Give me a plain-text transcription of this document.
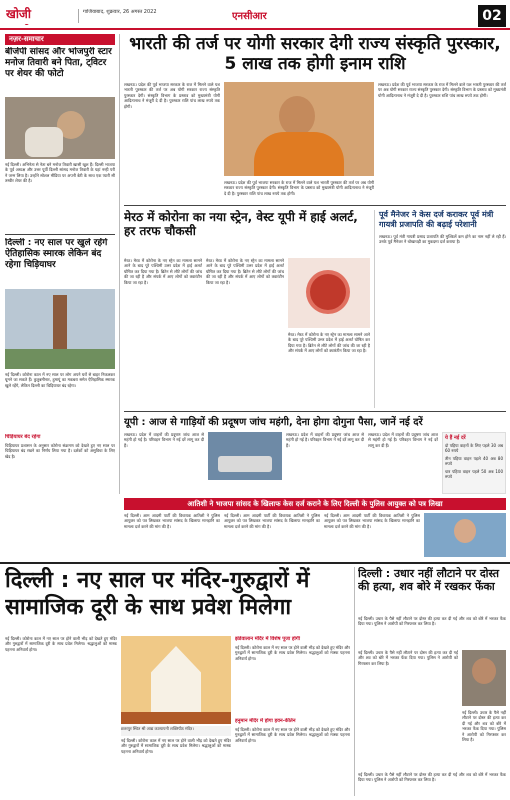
खोजी	गाजियाबाद, शुक्रवार, 26 अगस्त 2022	एनसीआर	02
नज़र-समाचार
बीजेपी सांसद और भोजपुरी स्टार मनोज तिवारी बने पिता, ट्विटर पर शेयर की फोटो
नई दिल्ली। अभिनेता से नेता बने मनोज तिवारी खासी खुश हैं। दिल्ली भाजपा के पूर्व अध्यक्ष और उत्तर पूर्वी दिल्ली सांसद मनोज तिवारी के यहां नन्ही परी ने जन्म लिया है। उन्होंने सोशल मीडिया पर अपनी बेटी के साथ एक प्यारी सी तस्वीर शेयर की है।
दिल्ली : नए साल पर खुले रहेंगे ऐतिहासिक स्मारक लेकिन बंद रहेगा चिड़ियाघर
नई दिल्ली। कोरोना काल में नए साल पर लोग अपने घरों से बाहर निकलकर घूमने जा सकते हैं। कुतुबमीनार, हुमायूं का मकबरा समेत ऐतिहासिक स्मारक खुले रहेंगे, लेकिन दिल्ली का चिड़ियाघर बंद रहेगा।
चिड़ियाघर बंद रहेगा
चिड़ियाघर प्रशासन के अनुसार कोरोना संक्रमण को देखते हुए नए साल पर चिड़ियाघर बंद रखने का निर्णय लिया गया है। दर्शकों को असुविधा के लिए खेद है।
भारती की तर्ज पर योगी सरकार देगी राज्य संस्कृति पुरस्कार, 5 लाख तक होगी इनाम राशि
लखनऊ। प्रदेश की पूर्व भाजपा सरकार के राज में मिलने वाले यश भारती पुरस्कार की तर्ज पर अब योगी सरकार राज्य संस्कृति पुरस्कार देगी। संस्कृति विभाग के प्रस्ताव को मुख्यमंत्री योगी आदित्यनाथ ने मंजूरी दे दी है। पुरस्कार राशि पांच लाख रुपये तक होगी।
लखनऊ। प्रदेश की पूर्व भाजपा सरकार के राज में मिलने वाले यश भारती पुरस्कार की तर्ज पर अब योगी सरकार राज्य संस्कृति पुरस्कार देगी। संस्कृति विभाग के प्रस्ताव को मुख्यमंत्री योगी आदित्यनाथ ने मंजूरी दे दी है। पुरस्कार राशि पांच लाख रुपये तक होगी।
लखनऊ। प्रदेश की पूर्व भाजपा सरकार के राज में मिलने वाले यश भारती पुरस्कार की तर्ज पर अब योगी सरकार राज्य संस्कृति पुरस्कार देगी। संस्कृति विभाग के प्रस्ताव को मुख्यमंत्री योगी आदित्यनाथ ने मंजूरी दे दी है। पुरस्कार राशि पांच लाख रुपये तक होगी।
मेरठ में कोरोना का नया स्ट्रेन, वेस्ट यूपी में हाई अलर्ट, हर तरफ चौकसी
मेरठ। मेरठ में कोरोना के नए स्ट्रेन का मामला सामने आने के बाद पूरे पश्चिमी उत्तर प्रदेश में हाई अलर्ट घोषित कर दिया गया है। ब्रिटेन से लौटे लोगों की जांच की जा रही है और संपर्क में आए लोगों को क्वारंटीन किया जा रहा है।
मेरठ। मेरठ में कोरोना के नए स्ट्रेन का मामला सामने आने के बाद पूरे पश्चिमी उत्तर प्रदेश में हाई अलर्ट घोषित कर दिया गया है। ब्रिटेन से लौटे लोगों की जांच की जा रही है और संपर्क में आए लोगों को क्वारंटीन किया जा रहा है।
मेरठ। मेरठ में कोरोना के नए स्ट्रेन का मामला सामने आने के बाद पूरे पश्चिमी उत्तर प्रदेश में हाई अलर्ट घोषित कर दिया गया है। ब्रिटेन से लौटे लोगों की जांच की जा रही है और संपर्क में आए लोगों को क्वारंटीन किया जा रहा है।
पूर्व मैनेजर ने केस दर्ज कराकर पूर्व मंत्री गायत्री प्रजापति की बढ़ाई परेशानी
लखनऊ। पूर्व मंत्री गायत्री प्रसाद प्रजापति की मुश्किलें कम होने का नाम नहीं ले रही हैं। उनके पूर्व मैनेजर ने धोखाधड़ी का मुकदमा दर्ज कराया है।
यूपी : आज से गाड़ियों की प्रदूषण जांच महंगी, देना होगा दोगुना पैसा, जानें नई दरें
लखनऊ। प्रदेश में वाहनों की प्रदूषण जांच आज से महंगी हो गई है। परिवहन विभाग ने नई दरें लागू कर दी हैं।
लखनऊ। प्रदेश में वाहनों की प्रदूषण जांच आज से महंगी हो गई है। परिवहन विभाग ने नई दरें लागू कर दी हैं।
लखनऊ। प्रदेश में वाहनों की प्रदूषण जांच आज से महंगी हो गई है। परिवहन विभाग ने नई दरें लागू कर दी हैं।
ये हैं नई दरें
दो पहिया वाहनों के लिए पहले 30 अब 60 रुपये
तीन पहिया वाहन पहले 40 अब 80 रुपये
चार पहिया वाहन पहले 50 अब 100 रुपये
आतिशी ने भाजपा सांसद के खिलाफ केस दर्ज कराने के लिए दिल्ली के पुलिस आयुक्त को पत्र लिखा
नई दिल्ली। आम आदमी पार्टी की विधायक आतिशी ने पुलिस आयुक्त को पत्र लिखकर भाजपा सांसद के खिलाफ मानहानि का मामला दर्ज करने की मांग की है।
नई दिल्ली। आम आदमी पार्टी की विधायक आतिशी ने पुलिस आयुक्त को पत्र लिखकर भाजपा सांसद के खिलाफ मानहानि का मामला दर्ज करने की मांग की है।
नई दिल्ली। आम आदमी पार्टी की विधायक आतिशी ने पुलिस आयुक्त को पत्र लिखकर भाजपा सांसद के खिलाफ मानहानि का मामला दर्ज करने की मांग की है।
दिल्ली : नए साल पर मंदिर-गुरुद्वारों में सामाजिक दूरी के साथ प्रवेश मिलेगा
नई दिल्ली। कोरोना काल में नए साल पर होने वाली भीड़ को देखते हुए मंदिर और गुरुद्वारों में सामाजिक दूरी के साथ प्रवेश मिलेगा। श्रद्धालुओं को मास्क पहनना अनिवार्य होगा।
छतरपुर स्थित श्री आद्य कात्यायनी शक्तिपीठ मंदिर।
नई दिल्ली। कोरोना काल में नए साल पर होने वाली भीड़ को देखते हुए मंदिर और गुरुद्वारों में सामाजिक दूरी के साथ प्रवेश मिलेगा। श्रद्धालुओं को मास्क पहनना अनिवार्य होगा।
झंडेवालान मंदिर में विशेष पूजा होगी
नई दिल्ली। कोरोना काल में नए साल पर होने वाली भीड़ को देखते हुए मंदिर और गुरुद्वारों में सामाजिक दूरी के साथ प्रवेश मिलेगा। श्रद्धालुओं को मास्क पहनना अनिवार्य होगा।
हनुमान मंदिर में होगा हवन-कीर्तन
नई दिल्ली। कोरोना काल में नए साल पर होने वाली भीड़ को देखते हुए मंदिर और गुरुद्वारों में सामाजिक दूरी के साथ प्रवेश मिलेगा। श्रद्धालुओं को मास्क पहनना अनिवार्य होगा।
दिल्ली : उधार नहीं लौटाने पर दोस्त की हत्या, शव बोरे में रखकर फेंका
नई दिल्ली। उधार के पैसे नहीं लौटाने पर दोस्त की हत्या कर दी गई और शव को बोरे में भरकर फेंक दिया गया। पुलिस ने आरोपी को गिरफ्तार कर लिया है।
नई दिल्ली। उधार के पैसे नहीं लौटाने पर दोस्त की हत्या कर दी गई और शव को बोरे में भरकर फेंक दिया गया। पुलिस ने आरोपी को गिरफ्तार कर लिया है।
नई दिल्ली। उधार के पैसे नहीं लौटाने पर दोस्त की हत्या कर दी गई और शव को बोरे में भरकर फेंक दिया गया। पुलिस ने आरोपी को गिरफ्तार कर लिया है।
नई दिल्ली। उधार के पैसे नहीं लौटाने पर दोस्त की हत्या कर दी गई और शव को बोरे में भरकर फेंक दिया गया। पुलिस ने आरोपी को गिरफ्तार कर लिया है।
